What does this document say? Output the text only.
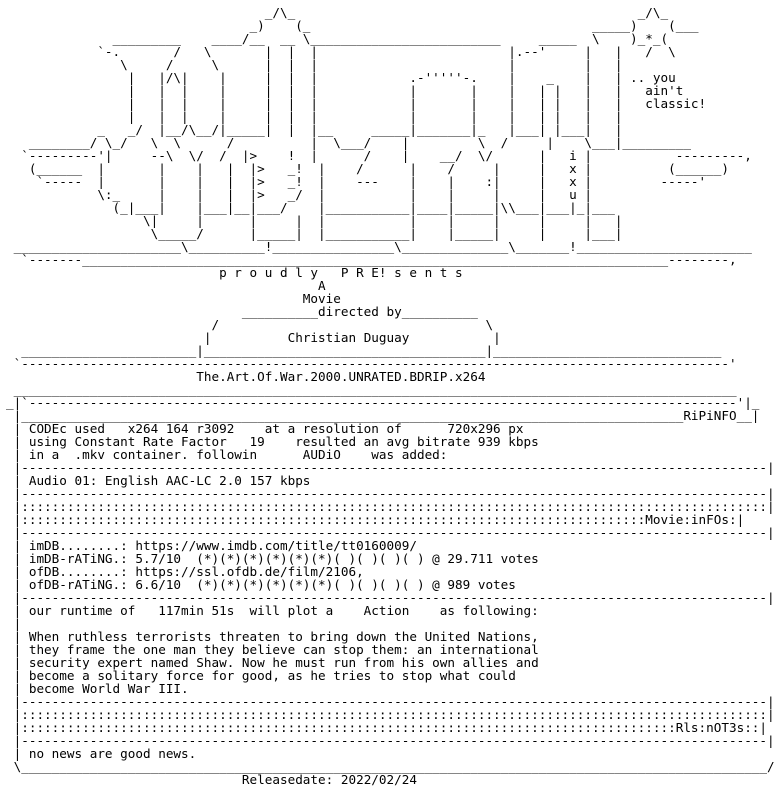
_/\_                                             _/\_
_)    (_                                     _____)    (___
_________    ____/__  __ \_________________________     _____  \    )_*_(
`-.       /   \       |  |  |                         |.--'     |   |   /  \
\     /     \      |  |  |                         |         |   |
|   |/\|    |     |  |  |            .-'''''-.    |    _    |   | .. you
|   |  |    |     |  |  |            |       |    |   | |   |   |   ain't
|   |  |    |     |  |  |            |       |    |   | |   |   |   classic!
|   |  |    |     |  |  |            |       |    |   | |   |   |
_   _/  |__/\__/|_____|  |  |__     _____|_______|_   |___| |___|   |
________/ \_/   \  \      /          |  \___/    |         \  /     |    \___|_________
`---------'|     --\  \/  /  |>    !  |      /    |    __/  \/      |   i |           ---------,
(______  |       |    |   |  |>   _!  |    /      |    /     |     |   x |          (______)
`-----  |       |    |   |  |>   _!  |    ---    |    |    :|     |   x |         -----'
\:_     |    |   |  |>   _/  |           |    |     |     |   u |
(_|___|    |___|__|___/    |___________|____|_____|\\___|___|_|___
\|     |      |     |  |           |    |     |     |     |   |
\_____/      |_____|  |___________|    |_____|     |     |___|
______________________\__________!________________\______________\_______!_______________________
`-------_____________________________________________________________________________--------,
p r o u d l y   P R E! s e n t s
A
Movie
__________directed by__________
/                                   \
|          Christian Duguay           |
_______________________|_____________________________________|______________________________
`---------------------------------------------------------------------------------------------'
The.Art.Of.War.2000.UNRATED.BDRIP.x264
_______________________________________________________________________________________________
_|`---------------------------------------------------------------------------------------------'|_
|_______________________________________________________________________________________RiPiNFO__|
| CODEc used   x264 164 r3092    at a resolution of      720x296 px
| using Constant Rate Factor   19    resulted an avg bitrate 939 kbps
| in a  .mkv container. followin      AUDiO    was added:
|--------------------------------------------------------------------------------------------------|
| Audio 01: English AAC-LC 2.0 157 kbps
|--------------------------------------------------------------------------------------------------|
|::::::::::::::::::::::::::::::::::::::::::::::::::::::::::::::::::::::::::::::::::::::::::::::::::|
|::::::::::::::::::::::::::::::::::::::::::::::::::::::::::::::::::::::::::::::::::Movie:inFOs:|
|--------------------------------------------------------------------------------------------------|
| imDB........: https://www.imdb.com/title/tt0160009/
| imDB-rATiNG.: 5.7/10  (*)(*)(*)(*)(*)(*)( )( )( )( ) @ 29.711 votes
| ofDB........: https://ssl.ofdb.de/film/2106,
| ofDB-rATiNG.: 6.6/10  (*)(*)(*)(*)(*)(*)( )( )( )( ) @ 989 votes
|--------------------------------------------------------------------------------------------------|
| our runtime of   117min 51s  will plot a    Action    as following:
|
| When ruthless terrorists threaten to bring down the United Nations,
| they frame the one man they believe can stop them: an international
| security expert named Shaw. Now he must run from his own allies and
| become a solitary force for good, as he tries to stop what could
| become World War III.
|--------------------------------------------------------------------------------------------------|
|::::::::::::::::::::::::::::::::::::::::::::::::::::::::::::::::::::::::::::::::::::::::::::::::::|
|::::::::::::::::::::::::::::::::::::::::::::::::::::::::::::::::::::::::::::::::::::::Rls:nOT3s::|
|--------------------------------------------------------------------------------------------------|
| no news are good news.
\__________________________________________________________________________________________________/
Releasedate: 2022/02/24
